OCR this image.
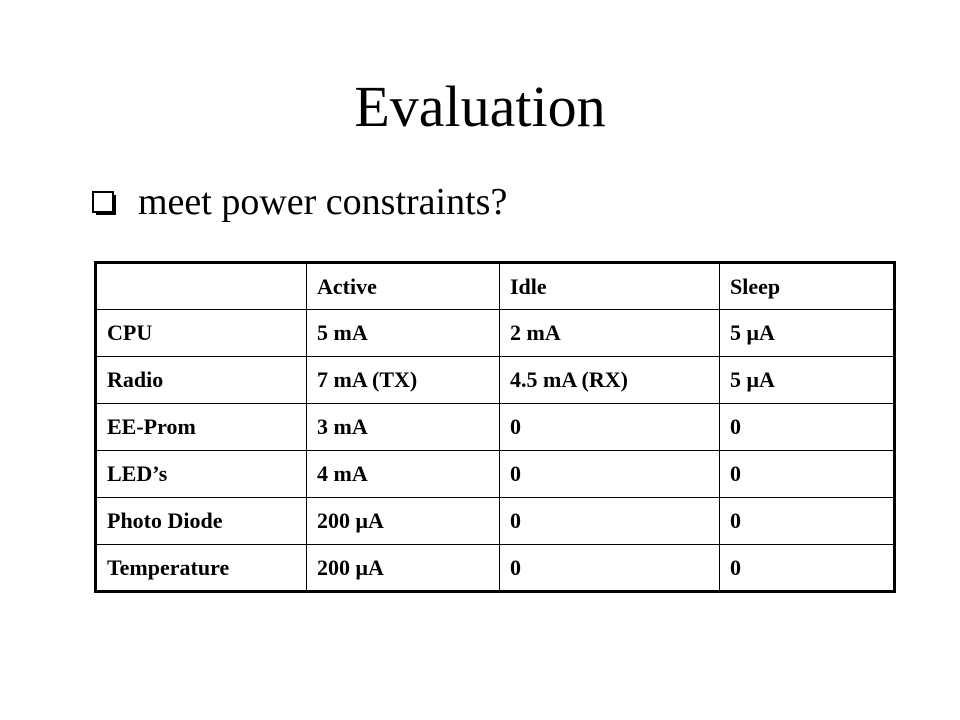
Evaluation
meet power constraints?
	Active	Idle	Sleep
CPU	5 mA	2 mA	5 μA
Radio	7 mA (TX)	4.5 mA (RX)	5 μA
EE-Prom	3 mA	0	0
LED’s	4 mA	0	0
Photo Diode	200 μA	0	0
Temperature	200 μA	0	0
